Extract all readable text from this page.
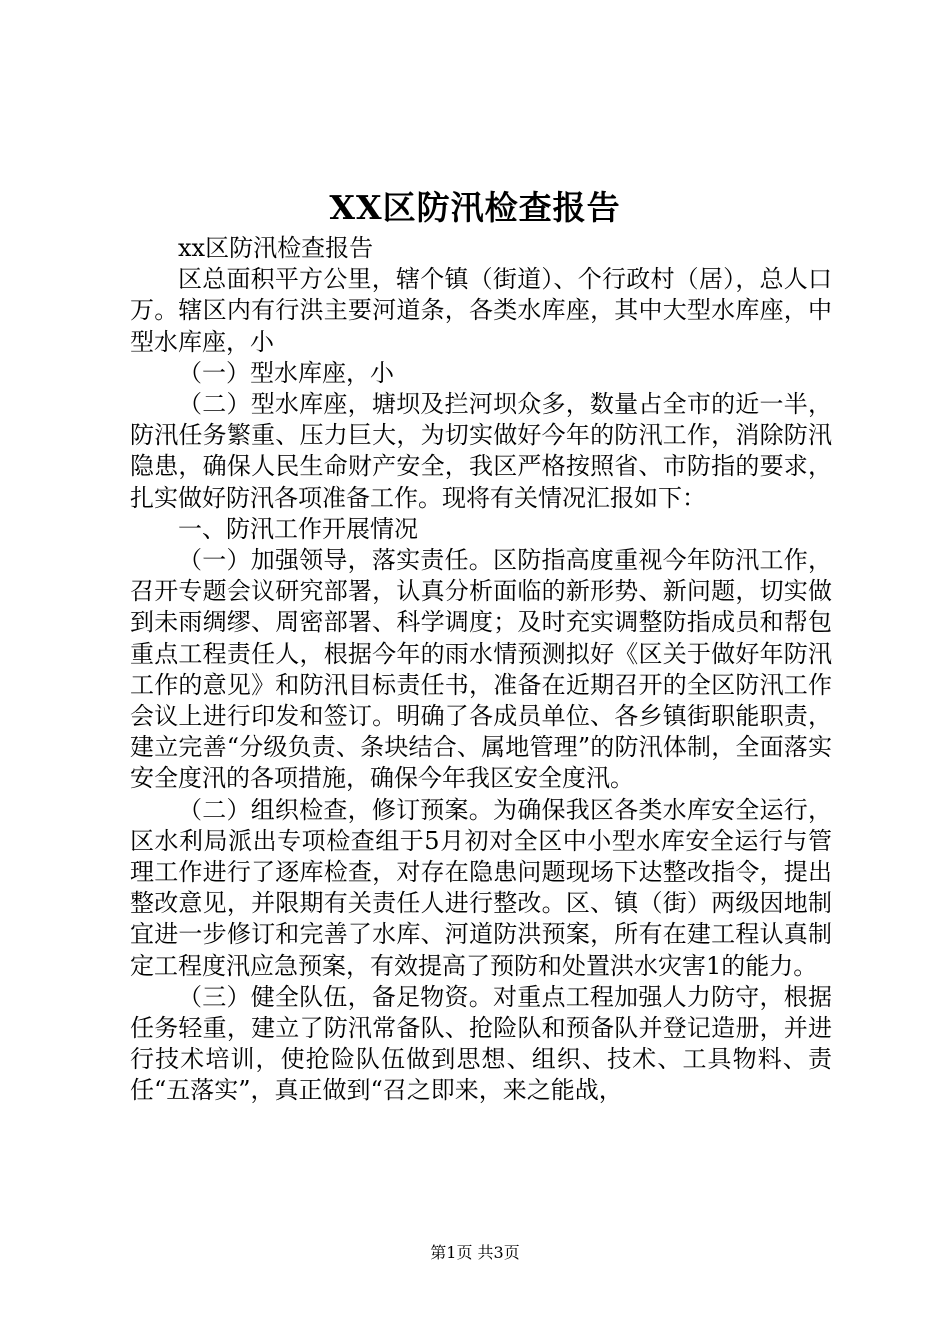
XX区防汛检查报告

xx区防汛检查报告

区总面积平方公里，辖个镇（街道）、个行政村（居），总人口万。辖区内有行洪主要河道条，各类水库座，其中大型水库座，中型水库座，小

（一）型水库座，小

（二）型水库座，塘坝及拦河坝众多，数量占全市的近一半，防汛任务繁重、压力巨大，为切实做好今年的防汛工作，消除防汛隐患，确保人民生命财产安全，我区严格按照省、市防指的要求，扎实做好防汛各项准备工作。现将有关情况汇报如下：

一、防汛工作开展情况

（一）加强领导，落实责任。区防指高度重视今年防汛工作，召开专题会议研究部署，认真分析面临的新形势、新问题，切实做到未雨绸缪、周密部署、科学调度；及时充实调整防指成员和帮包重点工程责任人，根据今年的雨水情预测拟好《区关于做好年防汛工作的意见》和防汛目标责任书，准备在近期召开的全区防汛工作会议上进行印发和签订。明确了各成员单位、各乡镇街职能职责，建立完善“分级负责、条块结合、属地管理”的防汛体制，全面落实安全度汛的各项措施，确保今年我区安全度汛。

（二）组织检查，修订预案。为确保我区各类水库安全运行，区水利局派出专项检查组于5月初对全区中小型水库安全运行与管理工作进行了逐库检查，对存在隐患问题现场下达整改指令，提出整改意见，并限期有关责任人进行整改。区、镇（街）两级因地制宜进一步修订和完善了水库、河道防洪预案，所有在建工程认真制定工程度汛应急预案，有效提高了预防和处置洪水灾害1的能力。

（三）健全队伍，备足物资。对重点工程加强人力防守，根据任务轻重，建立了防汛常备队、抢险队和预备队并登记造册，并进行技术培训，使抢险队伍做到思想、组织、技术、工具物料、责任“五落实”，真正做到“召之即来，来之能战，

第1页 共3页
